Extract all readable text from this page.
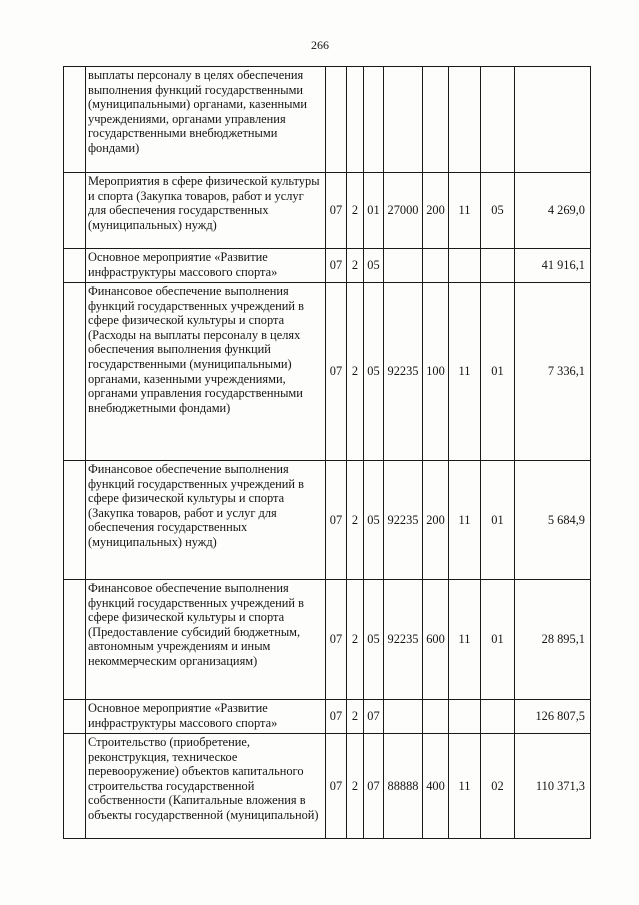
266
	выплаты персоналу в целях обеспечения выполнения функций государственными (муниципальными) органами, казенными учреждениями, органами управления государственными внебюджетными фондами)								
	Мероприятия в сфере физической культуры и спорта (Закупка товаров, работ и услуг для обеспечения государственных (муниципальных) нужд)	07	2	01	27000	200	11	05	4 269,0
	Основное мероприятие «Развитие инфраструктуры массового спорта»	07	2	05					41 916,1
	Финансовое обеспечение выполнения функций государственных учреждений в сфере физической культуры и спорта (Расходы на выплаты персоналу в целях обеспечения выполнения функций государственными (муниципальными) органами, казенными учреждениями, органами управления государственными внебюджетными фондами)	07	2	05	92235	100	11	01	7 336,1
	Финансовое обеспечение выполнения функций государственных учреждений в сфере физической культуры и спорта (Закупка товаров, работ и услуг для обеспечения государственных (муниципальных) нужд)	07	2	05	92235	200	11	01	5 684,9
	Финансовое обеспечение выполнения функций государственных учреждений в сфере физической культуры и спорта (Предоставление субсидий бюджетным, автономным учреждениям и иным некоммерческим организациям)	07	2	05	92235	600	11	01	28 895,1
	Основное мероприятие «Развитие инфраструктуры массового спорта»	07	2	07					126 807,5
	Строительство (приобретение, реконструкция, техническое перевооружение) объектов капитального строительства государственной собственности (Капитальные вложения в объекты государственной (муниципальной)	07	2	07	88888	400	11	02	110 371,3
